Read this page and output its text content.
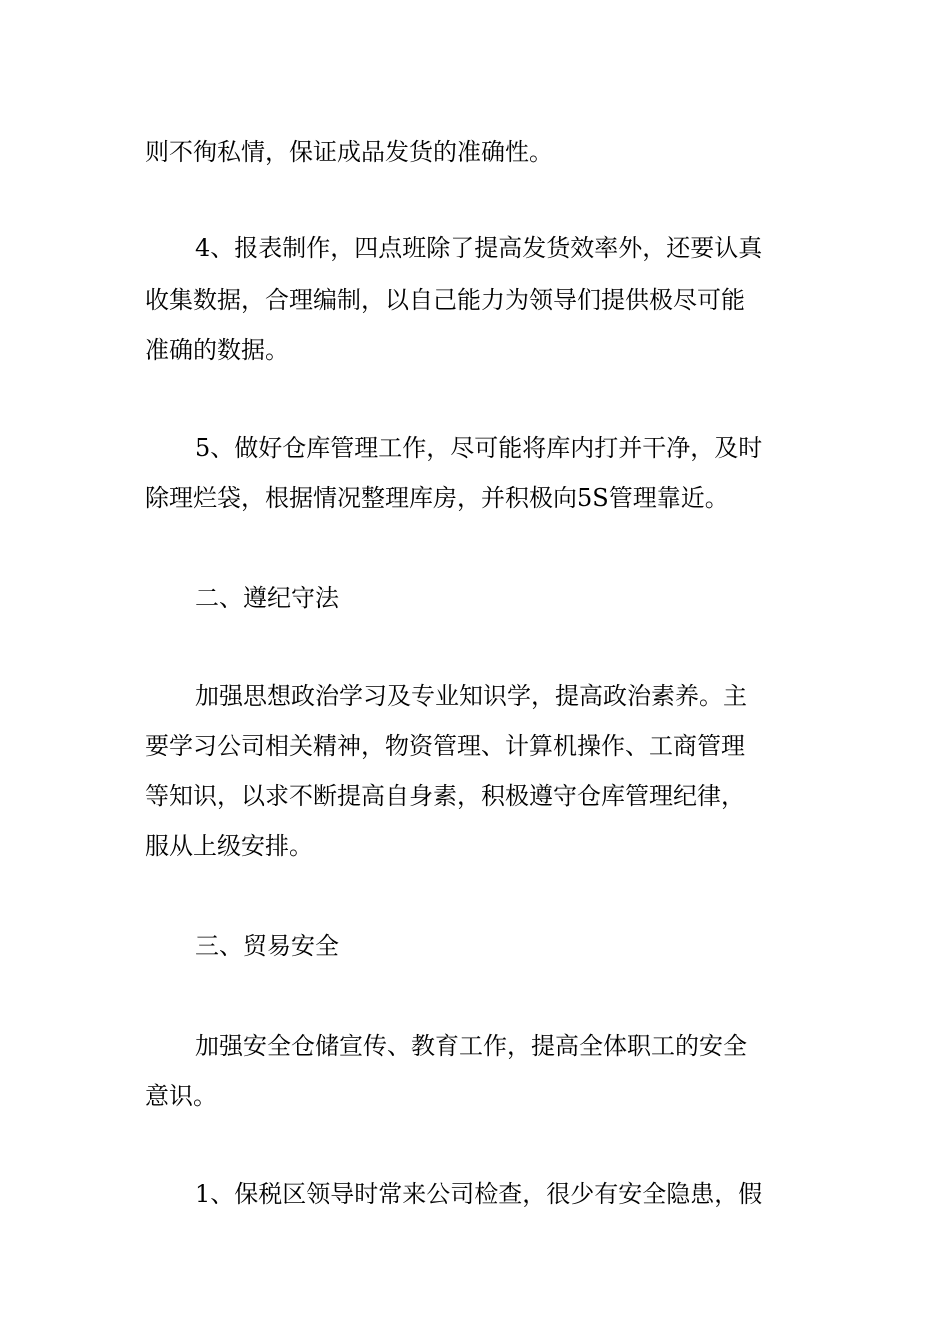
则不徇私情，保证成品发货的准确性。
4、报表制作，四点班除了提高发货效率外，还要认真
收集数据，合理编制，以自己能力为领导们提供极尽可能
准确的数据。
5、做好仓库管理工作，尽可能将库内打并干净，及时
除理烂袋，根据情况整理库房，并积极向5S管理靠近。
二、遵纪守法
加强思想政治学习及专业知识学，提高政治素养。主
要学习公司相关精神，物资管理、计算机操作、工商管理
等知识，以求不断提高自身素，积极遵守仓库管理纪律，
服从上级安排。
三、贸易安全
加强安全仓储宣传、教育工作，提高全体职工的安全
意识。
1、保税区领导时常来公司检查，很少有安全隐患，假
